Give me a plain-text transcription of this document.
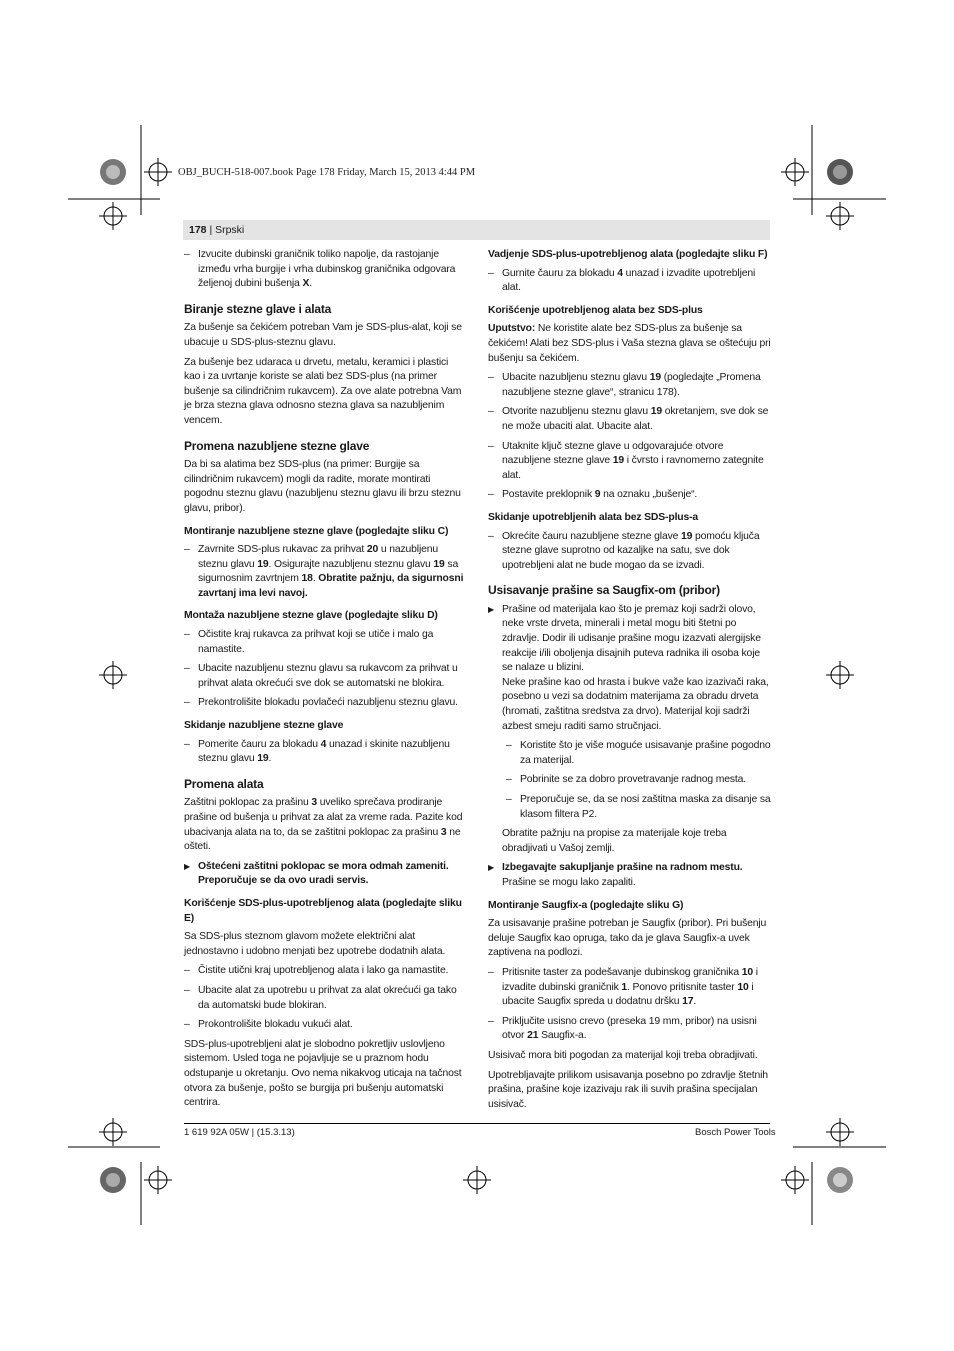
OBJ_BUCH-518-007.book Page 178 Friday, March 15, 2013 4:44 PM
178 | Srpski

– Izvucite dubinski graničnik toliko napolje, da rastojanje između vrha burgije i vrha dubinskog graničnika odgovara željenoj dubini bušenja X.

Biranje stezne glave i alata

Za bušenje sa čekićem potreban Vam je SDS-plus-alat, koji se ubacuje u SDS-plus-steznu glavu.

Za bušenje bez udaraca u drvetu, metalu, keramici i plastici kao i za uvrtanje koriste se alati bez SDS-plus (na primer bušenje sa cilindričnim rukavcem). Za ove alate potrebna Vam je brza stezna glava odnosno stezna glava sa nazubljenim vencem.

Promena nazubljene stezne glave

Da bi sa alatima bez SDS-plus (na primer: Burgije sa cilindričnim rukavcem) mogli da radite, morate montirati pogodnu steznu glavu (nazubljenu steznu glavu ili brzu steznu glavu, pribor).

Montiranje nazubljene stezne glave (pogledajte sliku C)

– Zavrnite SDS-plus rukavac za prihvat 20 u nazubljenu steznu glavu 19. Osigurajte nazubljenu steznu glavu 19 sa sigurnosnim zavrtnjem 18. Obratite pažnju, da sigurnosni zavrtanj ima levi navoj.

Montaža nazubljene stezne glave (pogledajte sliku D)

– Očistite kraj rukavca za prihvat koji se utiče i malo ga namastite.

– Ubacite nazubljenu steznu glavu sa rukavcom za prihvat u prihvat alata okrećući sve dok se automatski ne blokira.

– Prekontrolišite blokadu povlačeći nazubljenu steznu glavu.

Skidanje nazubljene stezne glave

– Pomerite čauru za blokadu 4 unazad i skinite nazubljenu steznu glavu 19.

Promena alata

Zaštitni poklopac za prašinu 3 uveliko sprečava prodiranje prašine od bušenja u prihvat za alat za vreme rada. Pazite kod ubacivanja alata na to, da se zaštitni poklopac za prašinu 3 ne ošteti.

▶ Oštećeni zaštitni poklopac se mora odmah zameniti. Preporučuje se da ovo uradi servis.

Korišćenje SDS-plus-upotrebljenog alata (pogledajte sliku E)

Sa SDS-plus steznom glavom možete električni alat jednostavno i udobno menjati bez upotrebe dodatnih alata.

– Čistite utični kraj upotrebljenog alata i lako ga namastite.

– Ubacite alat za upotrebu u prihvat za alat okrećući ga tako da automatski bude blokiran.

– Prokontrolišite blokadu vukući alat.

SDS-plus-upotrebljeni alat je slobodno pokretljiv uslovljeno sistemom. Usled toga ne pojavljuje se u praznom hodu odstupanje u okretanju. Ovo nema nikakvog uticaja na tačnost otvora za bušenje, pošto se burgija pri bušenju automatski centrira.

Vadjenje SDS-plus-upotrebljenog alata (pogledajte sliku F)

– Gurnite čauru za blokadu 4 unazad i izvadite upotrebljeni alat.

Korišćenje upotrebljenog alata bez SDS-plus

Uputstvo: Ne koristite alate bez SDS-plus za bušenje sa čekićem! Alati bez SDS-plus i Vaša stezna glava se oštećuju pri bušenju sa čekićem.

– Ubacite nazubljenu steznu glavu 19 (pogledajte „Promena nazubljene stezne glave“, stranicu 178).

– Otvorite nazubljenu steznu glavu 19 okretanjem, sve dok se ne može ubaciti alat. Ubacite alat.

– Utaknite ključ stezne glave u odgovarajuće otvore nazubljene stezne glave 19 i čvrsto i ravnomerno zategnite alat.

– Postavite preklopnik 9 na oznaku „bušenje“.

Skidanje upotrebljenih alata bez SDS-plus-a

– Okrećite čauru nazubljene stezne glave 19 pomoću ključa stezne glave suprotno od kazaljke na satu, sve dok upotrebljeni alat ne bude mogao da se izvadi.

Usisavanje prašine sa Saugfix-om (pribor)

▶ Prašine od materijala kao što je premaz koji sadrži olovo, neke vrste drveta, minerali i metal mogu biti štetni po zdravlje. Dodir ili udisanje prašine mogu izazvati alergijske reakcije i/ili oboljenja disajnih puteva radnika ili osoba koje se nalaze u blizini.

Neke prašine kao od hrasta i bukve važe kao izazivači raka, posebno u vezi sa dodatnim materijama za obradu drveta (hromati, zaštitna sredstva za drvo). Materijal koji sadrži azbest smeju raditi samo stručnjaci.

– Koristite što je više moguće usisavanje prašine pogodno za materijal.

– Pobrinite se za dobro provetravanje radnog mesta.

– Preporučuje se, da se nosi zaštitna maska za disanje sa klasom filtera P2.

Obratite pažnju na propise za materijale koje treba obradjivati u Vašoj zemlji.

▶ Izbegavajte sakupljanje prašine na radnom mestu.

Prašine se mogu lako zapaliti.

Montiranje Saugfix-a (pogledajte sliku G)

Za usisavanje prašine potreban je Saugfix (pribor). Pri bušenju deluje Saugfix kao opruga, tako da je glava Saugfix-a uvek zaptivena na podlozi.

– Pritisnite taster za podešavanje dubinskog graničnika 10 i izvadite dubinski graničnik 1. Ponovo pritisnite taster 10 i ubacite Saugfix spreda u dodatnu dršku 17.

– Priključite usisno crevo (preseka 19 mm, pribor) na usisni otvor 21 Saugfix-a.

Usisivač mora biti pogodan za materijal koji treba obradjivati.

Upotrebljavajte prilikom usisavanja posebno po zdravlje štetnih prašina, prašine koje izazivaju rak ili suvih prašina specijalan usisivač.

1 619 92A 05W | (15.3.13)	Bosch Power Tools
